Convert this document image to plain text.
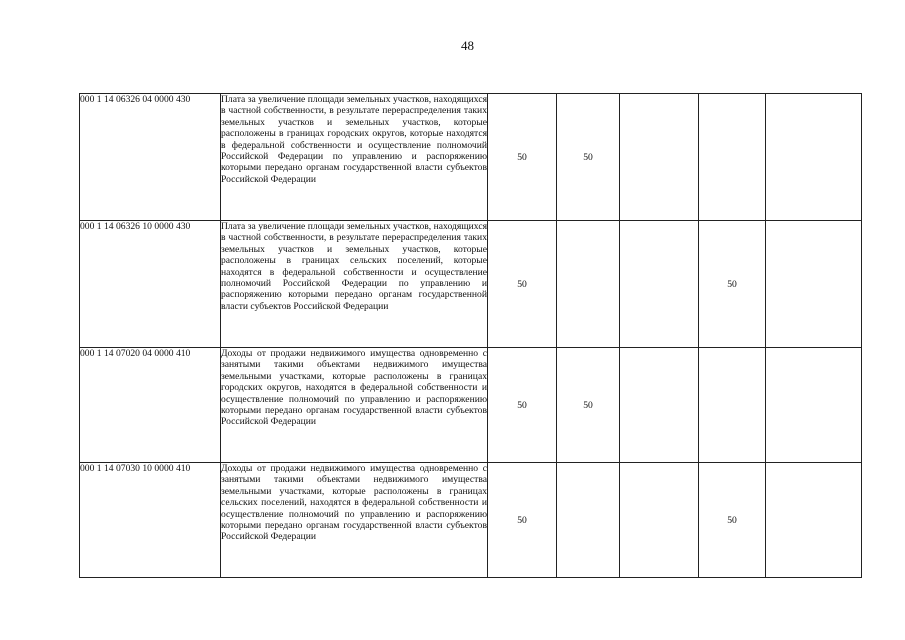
48
000 1 14 06326 04 0000 430	Плата за увеличение площади земельных участков, находящихся в частной собственности, в результате перераспределения таких земельных участков и земельных участков, которые расположены в границах городских округов, которые находятся в федеральной собственности и осуществление полномочий Российской Федерации по управлению и распоряжению которыми передано органам государственной власти субъектов Российской Федерации	50	50			
000 1 14 06326 10 0000 430	Плата за увеличение площади земельных участков, находящихся в частной собственности, в результате перераспределения таких земельных участков и земельных участков, которые расположены в границах сельских поселений, которые находятся в федеральной собственности и осуществление полномочий Российской Федерации по управлению и распоряжению которыми передано органам государственной власти субъектов Российской Федерации	50			50	
000 1 14 07020 04 0000 410	Доходы от продажи недвижимого имущества одновременно с занятыми такими объектами недвижимого имущества земельными участками, которые расположены в границах городских округов, находятся в федеральной собственности и осуществление полномочий по управлению и распоряжению которыми передано органам государственной власти субъектов Российской Федерации	50	50			
000 1 14 07030 10 0000 410	Доходы от продажи недвижимого имущества одновременно с занятыми такими объектами недвижимого имущества земельными участками, которые расположены в границах сельских поселений, находятся в федеральной собственности и осуществление полномочий по управлению и распоряжению которыми передано органам государственной власти субъектов Российской Федерации	50			50	
